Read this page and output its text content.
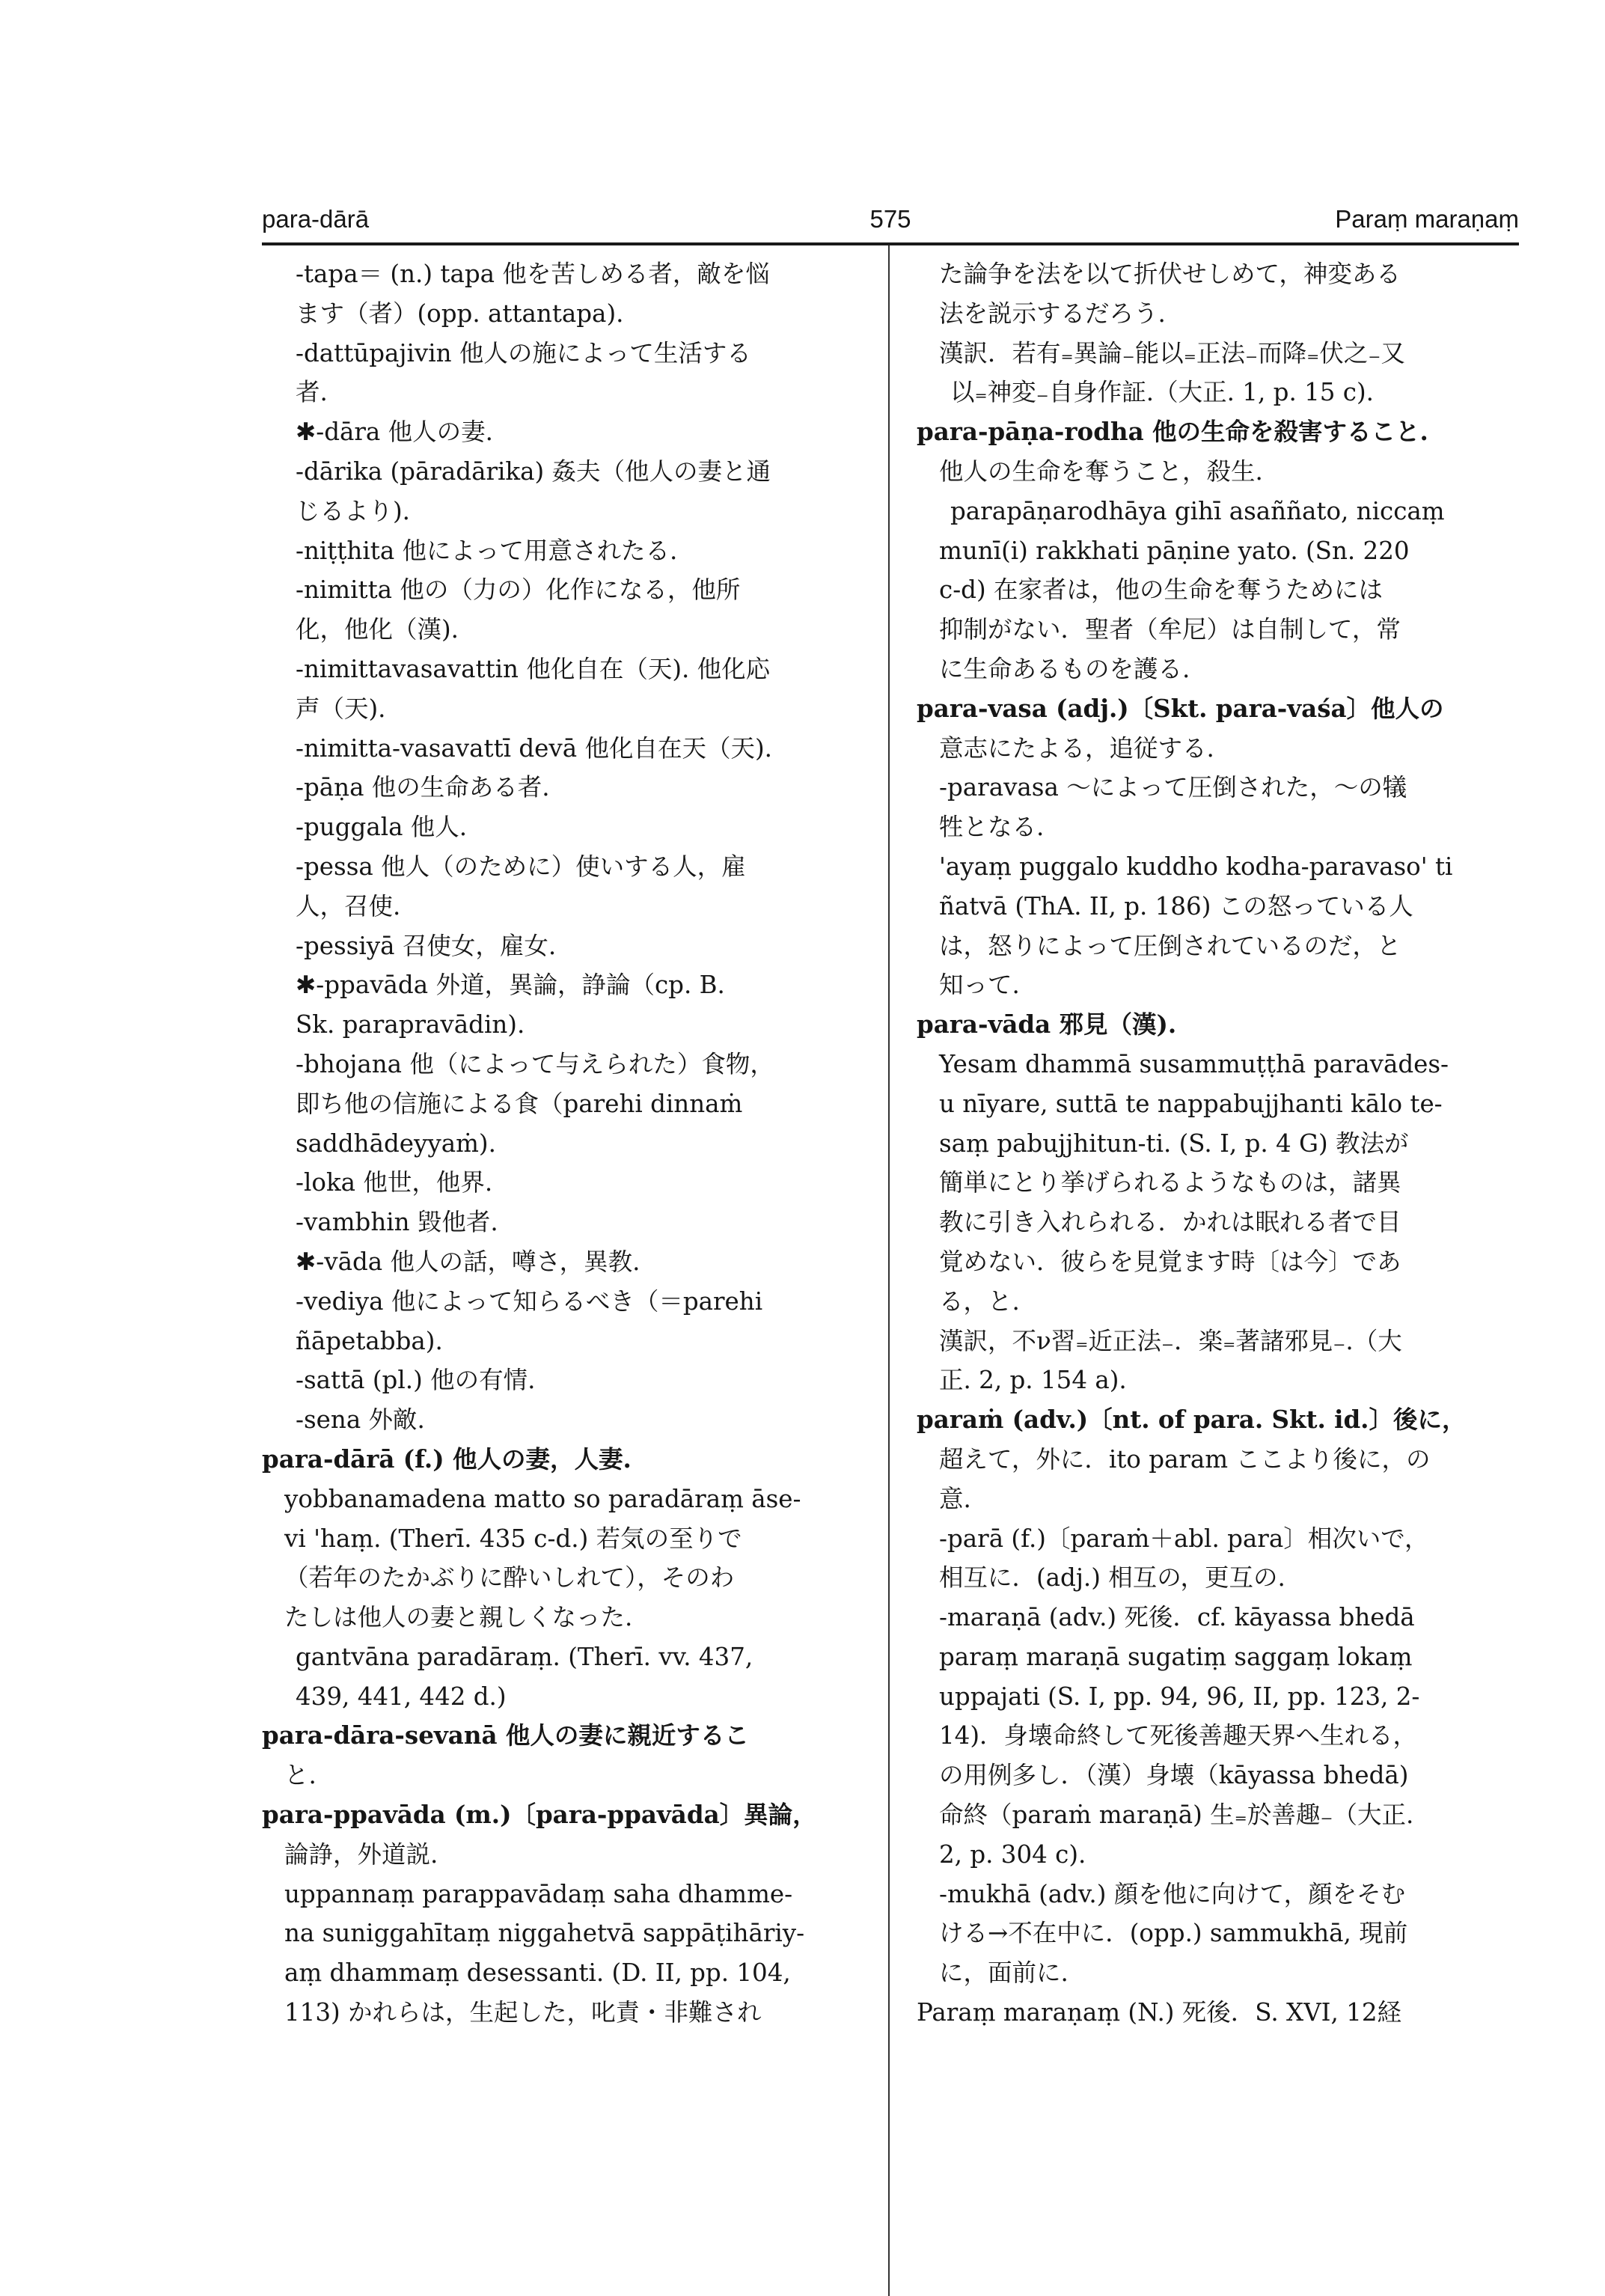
575
para-dārā	Paraṃ maraṇaṃ
-tapa＝ (n.) tapa 他を苦しめる者，敵を悩
ます（者）(opp. attantapa).
-dattūpajivin 他人の施によって生活する
者.
✱-dāra 他人の妻.
-dārika (pāradārika) 姦夫（他人の妻と通
じるより).
-niṭṭhita 他によって用意されたる.
-nimitta 他の（力の）化作になる，他所
化，他化（漢).
-nimittavasavattin 他化自在（天). 他化応
声（天).
-nimitta-vasavattī devā 他化自在天（天).
-pāṇa 他の生命ある者.
-puggala 他人.
-pessa 他人（のために）使いする人，雇
人，召使.
-pessiyā 召使女，雇女.
✱-ppavāda 外道，異論，諍論（cp. B.
Sk. parapravādin).
-bhojana 他（によって与えられた）食物，
即ち他の信施による食（parehi dinnaṁ
saddhādeyyaṁ).
-loka 他世，他界.
-vambhin 毀他者.
✱-vāda 他人の話，噂さ，異教.
-vediya 他によって知らるべき（＝parehi
ñāpetabba).
-sattā (pl.) 他の有情.
-sena 外敵.
para-dārā (f.) 他人の妻，人妻.
yobbanamadena matto so paradāraṃ āse-
vi 'haṃ. (Therī. 435 c-d.) 若気の至りで
（若年のたかぶりに酔いしれて），そのわ
たしは他人の妻と親しくなった.
gantvāna paradāraṃ. (Therī. vv. 437,
439, 441, 442 d.)
para-dāra-sevanā 他人の妻に親近するこ
と.
para-ppavāda (m.)〔para-ppavāda〕異論，
論諍，外道説.
uppannaṃ parappavādaṃ saha dhamme-
na suniggahītaṃ niggahetvā sappāṭihāriy-
aṃ dhammaṃ desessanti. (D. II, pp. 104,
113) かれらは，生起した，叱責・非難され
た論争を法を以て折伏せしめて，神変ある
法を説示するだろう.
漢訳．若有₌異論₋能以₌正法₋而降₌伏之₋又
以₌神変₋自身作証.（大正. 1, p. 15 c).
para-pāṇa-rodha 他の生命を殺害すること.
他人の生命を奪うこと，殺生.
parapāṇarodhāya gihī asaññato, niccaṃ
munī(i) rakkhati pāṇine yato. (Sn. 220
c-d) 在家者は，他の生命を奪うためには
抑制がない．聖者（牟尼）は自制して，常
に生命あるものを護る.
para-vasa (adj.)〔Skt. para-vaśa〕他人の
意志にたよる，追従する.
-paravasa ～によって圧倒された，～の犠
牲となる.
'ayaṃ puggalo kuddho kodha-paravaso' ti
ñatvā (ThA. II, p. 186) この怒っている人
は，怒りによって圧倒されているのだ，と
知って.
para-vāda 邪見（漢).
Yesam dhammā susammuṭṭhā paravādes-
u nīyare, suttā te nappabujjhanti kālo te-
saṃ pabujjhitun-ti. (S. I, p. 4 G) 教法が
簡単にとり挙げられるようなものは，諸異
教に引き入れられる．かれは眠れる者で目
覚めない．彼らを見覚ます時〔は今〕であ
る，と.
漢訳，不ν習₌近正法₋．楽₌著諸邪見₋.（大
正. 2, p. 154 a).
paraṁ (adv.)〔nt. of para. Skt. id.〕後に，
超えて，外に．ito param ここより後に，の
意.
-parā (f.)〔paraṁ＋abl. para〕相次いで，
相互に．(adj.) 相互の，更互の.
-maraṇā (adv.) 死後．cf. kāyassa bhedā
paraṃ maraṇā sugatiṃ saggaṃ lokaṃ
uppajati (S. I, pp. 94, 96, II, pp. 123, 2-
14)．身壊命終して死後善趣天界へ生れる，
の用例多し．（漢）身壊（kāyassa bhedā)
命終（paraṁ maraṇā) 生₌於善趣₋（大正.
2, p. 304 c).
-mukhā (adv.) 顔を他に向けて，顔をそむ
ける→不在中に．(opp.) sammukhā, 現前
に，面前に.
Paraṃ maraṇaṃ (N.) 死後．S. XVI, 12経
